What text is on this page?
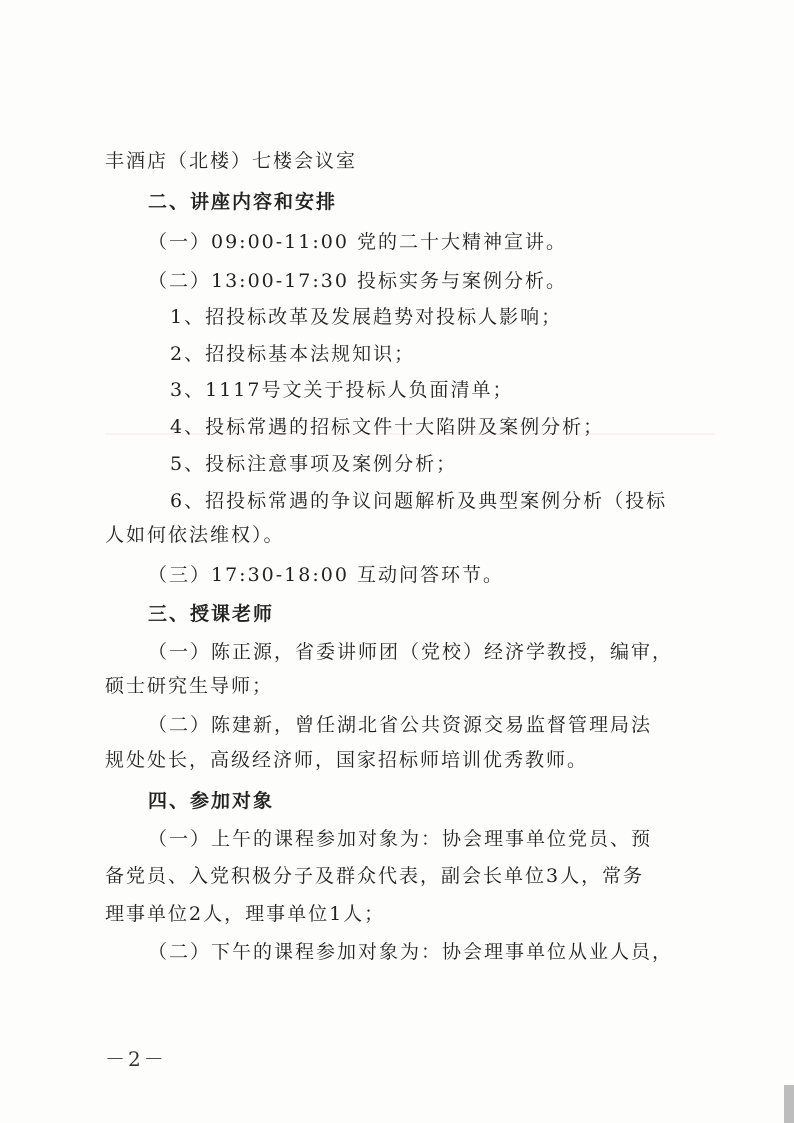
丰酒店（北楼）七楼会议室
二、讲座内容和安排
（一）09:00-11:00 党的二十大精神宣讲。
（二）13:00-17:30 投标实务与案例分析。
1、招投标改革及发展趋势对投标人影响；
2、招投标基本法规知识；
3、1117号文关于投标人负面清单；
4、投标常遇的招标文件十大陷阱及案例分析；
5、投标注意事项及案例分析；
6、招投标常遇的争议问题解析及典型案例分析（投标
人如何依法维权）。
（三）17:30-18:00 互动问答环节。
三、授课老师
（一）陈正源，省委讲师团（党校）经济学教授，编审，
硕士研究生导师；
（二）陈建新，曾任湖北省公共资源交易监督管理局法
规处处长，高级经济师，国家招标师培训优秀教师。
四、参加对象
（一）上午的课程参加对象为：协会理事单位党员、预
备党员、入党积极分子及群众代表，副会长单位3人，常务
理事单位2人，理事单位1人；
（二）下午的课程参加对象为：协会理事单位从业人员，
－2－
